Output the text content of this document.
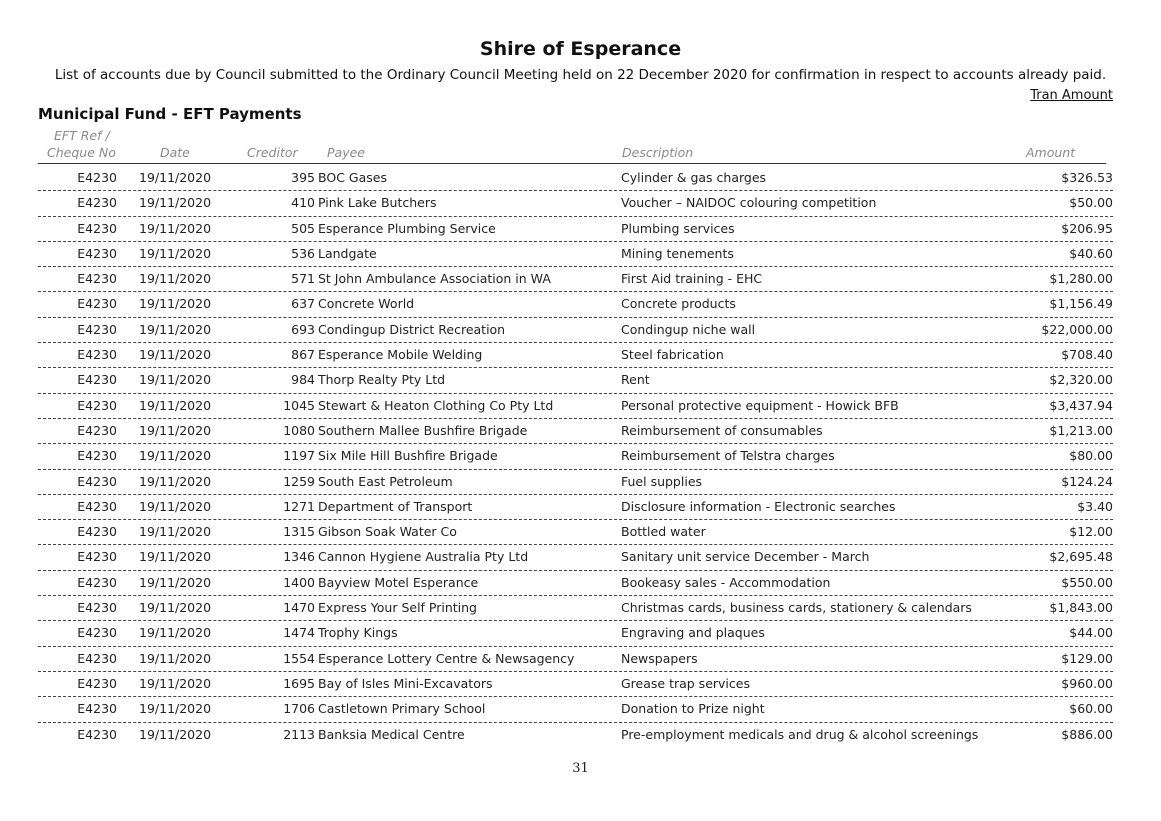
Shire of Esperance
List of accounts due by Council submitted to the Ordinary Council Meeting held on 22 December 2020 for confirmation in respect to accounts already paid.
Tran Amount
Municipal Fund - EFT Payments
EFT Ref /
Cheque No	Date	Creditor Payee	Description	Amount
E4230 19/11/2020	395 BOC Gases	Cylinder & gas charges	$326.53
E4230 19/11/2020	410 Pink Lake Butchers	Voucher – NAIDOC colouring competition	$50.00
E4230 19/11/2020	505 Esperance Plumbing Service	Plumbing services	$206.95
E4230 19/11/2020	536 Landgate	Mining tenements	$40.60
E4230 19/11/2020	571 St John Ambulance Association in WA	First Aid training - EHC	$1,280.00
E4230 19/11/2020	637 Concrete World	Concrete products	$1,156.49
E4230 19/11/2020	693 Condingup District Recreation	Condingup niche wall	$22,000.00
E4230 19/11/2020	867 Esperance Mobile Welding	Steel fabrication	$708.40
E4230 19/11/2020	984 Thorp Realty Pty Ltd	Rent	$2,320.00
E4230 19/11/2020	1045 Stewart & Heaton Clothing Co Pty Ltd	Personal protective equipment - Howick BFB	$3,437.94
E4230 19/11/2020	1080 Southern Mallee Bushfire Brigade	Reimbursement of consumables	$1,213.00
E4230 19/11/2020	1197 Six Mile Hill Bushfire Brigade	Reimbursement of Telstra charges	$80.00
E4230 19/11/2020	1259 South East Petroleum	Fuel supplies	$124.24
E4230 19/11/2020	1271 Department of Transport	Disclosure information - Electronic searches	$3.40
E4230 19/11/2020	1315 Gibson Soak Water Co	Bottled water	$12.00
E4230 19/11/2020	1346 Cannon Hygiene Australia Pty Ltd	Sanitary unit service December - March	$2,695.48
E4230 19/11/2020	1400 Bayview Motel Esperance	Bookeasy sales - Accommodation	$550.00
E4230 19/11/2020	1470 Express Your Self Printing	Christmas cards, business cards, stationery & calendars	$1,843.00
E4230 19/11/2020	1474 Trophy Kings	Engraving and plaques	$44.00
E4230 19/11/2020	1554 Esperance Lottery Centre & Newsagency	Newspapers	$129.00
E4230 19/11/2020	1695 Bay of Isles Mini-Excavators	Grease trap services	$960.00
E4230 19/11/2020	1706 Castletown Primary School	Donation to Prize night	$60.00
E4230 19/11/2020	2113 Banksia Medical Centre	Pre-employment medicals and drug & alcohol screenings	$886.00
31
